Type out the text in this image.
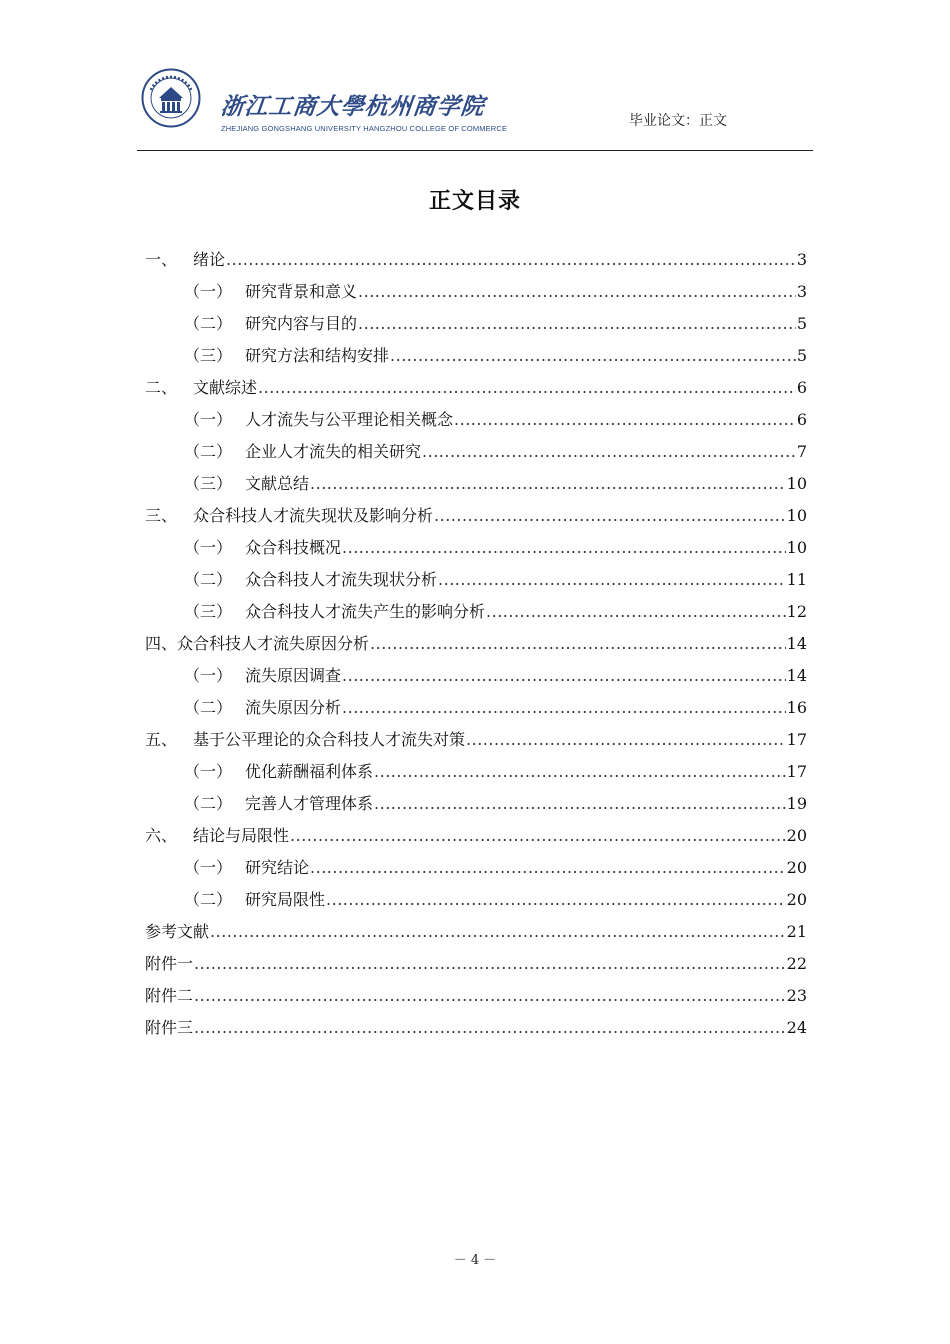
浙江工商大學杭州商学院
ZHEJIANG GONGSHANG UNIVERSITY HANGZHOU COLLEGE OF COMMERCE	毕业论文：正文
正文目录
一、 绪论 .....	3
（一） 研究背景和意义 .....	3
（二） 研究内容与目的 .....	5
（三） 研究方法和结构安排 .....	5
二、 文献综述 .....	6
（一） 人才流失与公平理论相关概念 .....	6
（二） 企业人才流失的相关研究 .....	7
（三） 文献总结 .....	10
三、 众合科技人才流失现状及影响分析 .....	10
（一） 众合科技概况 .....	10
（二） 众合科技人才流失现状分析 .....	11
（三） 众合科技人才流失产生的影响分析 .....	12
四、 众合科技人才流失原因分析 .....	14
（一） 流失原因调查 .....	14
（二） 流失原因分析 .....	16
五、 基于公平理论的众合科技人才流失对策 .....	17
（一） 优化薪酬福利体系 .....	17
（二） 完善人才管理体系 .....	19
六、 结论与局限性 .....	20
（一） 研究结论 .....	20
（二） 研究局限性 .....	20
参考文献 .....	21
附件一 .....	22
附件二 .....	23
附件三 .....	24
－ 4 －
